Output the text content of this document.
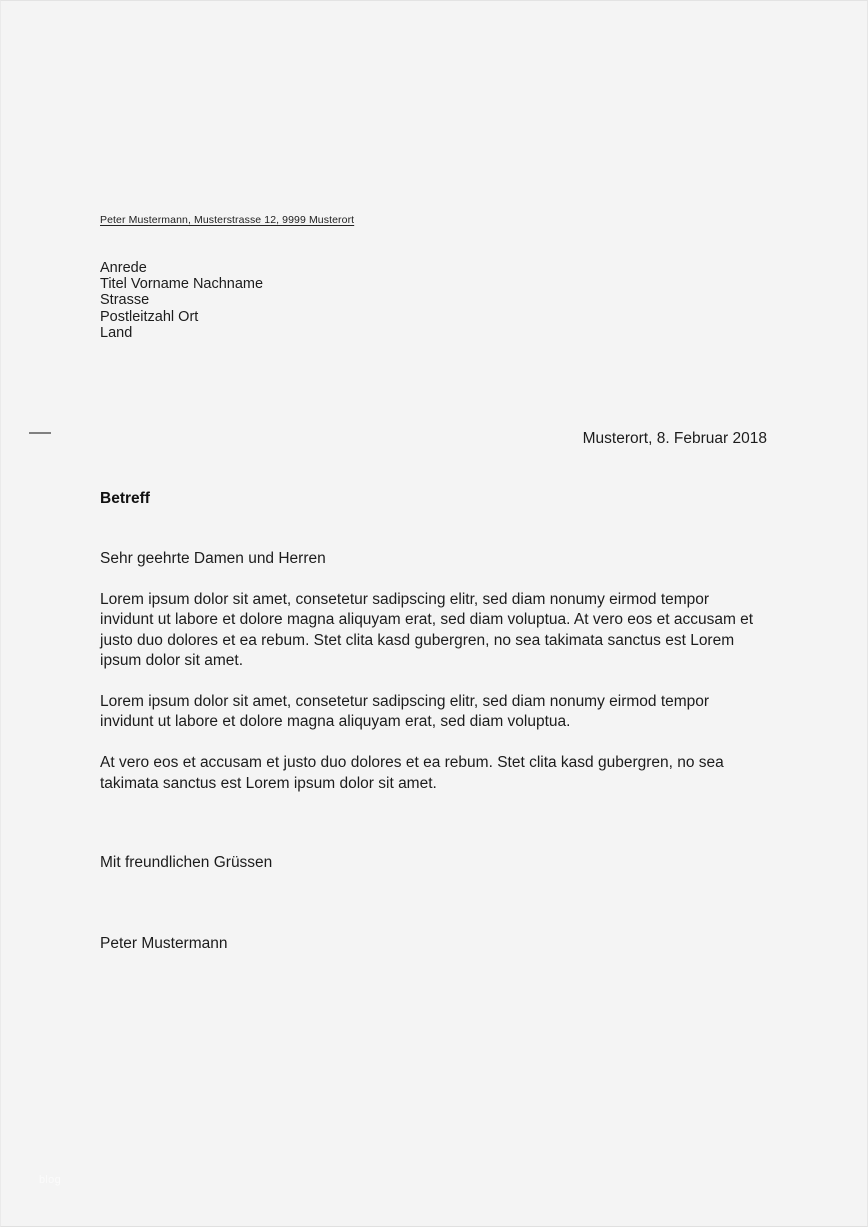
Peter Mustermann, Musterstrasse 12, 9999 Musterort
Anrede
Titel Vorname Nachname
Strasse
Postleitzahl Ort
Land
Musterort, 8. Februar 2018

Betreff

Sehr geehrte Damen und Herren

Lorem ipsum dolor sit amet, consetetur sadipscing elitr, sed diam nonumy eirmod tempor invidunt ut labore et dolore magna aliquyam erat, sed diam voluptua. At vero eos et accusam et justo duo dolores et ea rebum. Stet clita kasd gubergren, no sea takimata sanctus est Lorem ipsum dolor sit amet.

Lorem ipsum dolor sit amet, consetetur sadipscing elitr, sed diam nonumy eirmod tempor invidunt ut labore et dolore magna aliquyam erat, sed diam voluptua.

At vero eos et accusam et justo duo dolores et ea rebum. Stet clita kasd gubergren, no sea takimata sanctus est Lorem ipsum dolor sit amet.

Mit freundlichen Grüssen

Peter Mustermann

blog
